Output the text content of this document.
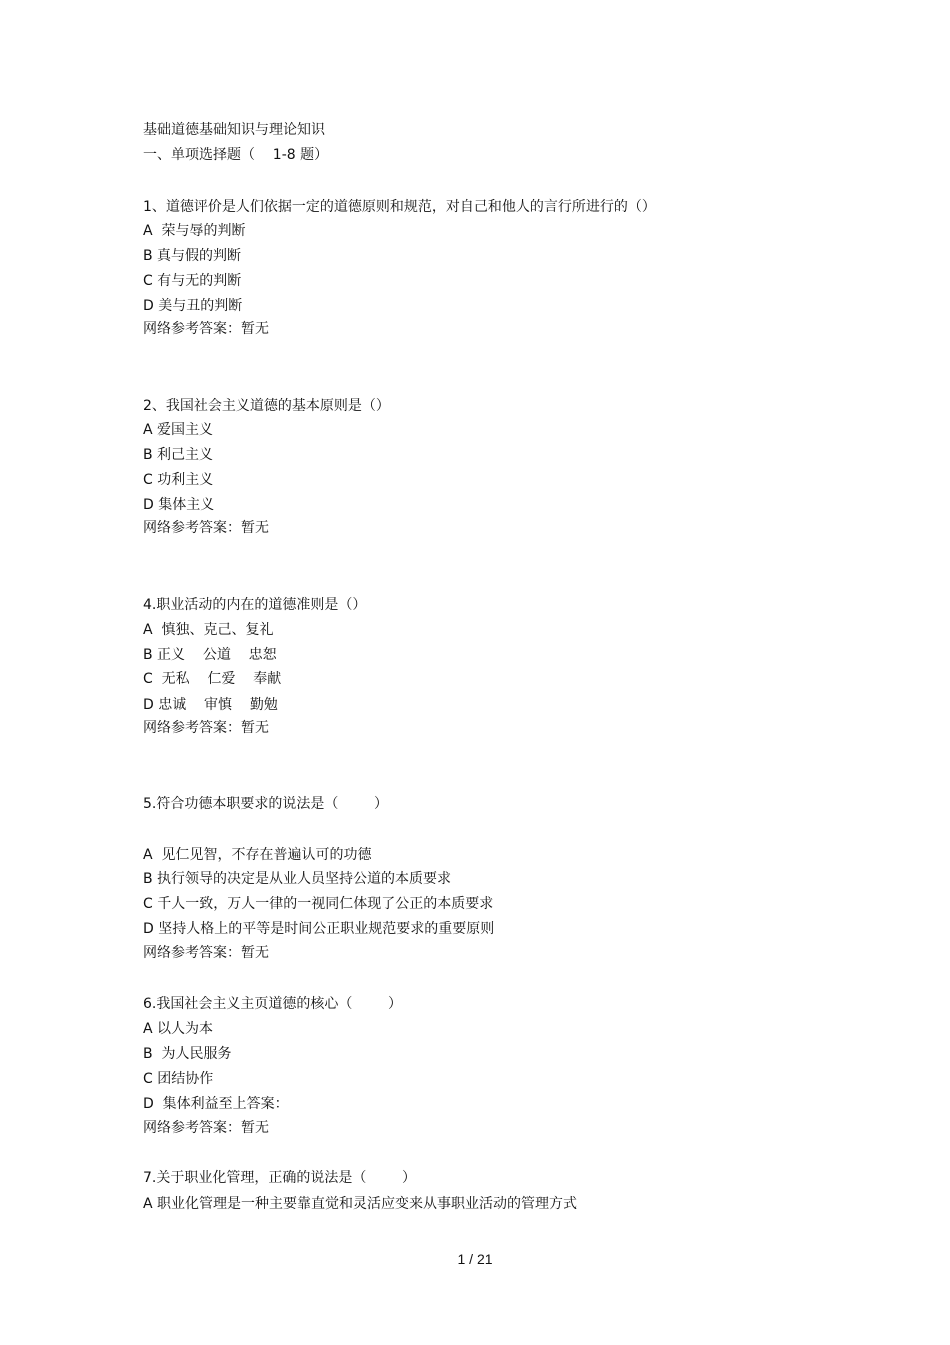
基础道德基础知识与理论知识
一、单项选择题（    1-8 题）
1、道德评价是人们依据一定的道德原则和规范，对自己和他人的言行所进行的（）
A  荣与辱的判断
B 真与假的判断
C 有与无的判断
D 美与丑的判断
网络参考答案：暂无
2、我国社会主义道德的基本原则是（）
A 爱国主义
B 利己主义
C 功利主义
D 集体主义
网络参考答案：暂无
4.职业活动的内在的道德准则是（）
A  慎独、克己、复礼
B 正义    公道    忠恕
C  无私    仁爱    奉献
D 忠诚    审慎    勤勉
网络参考答案：暂无
5.符合功德本职要求的说法是（        ）
A  见仁见智，不存在普遍认可的功德
B 执行领导的决定是从业人员坚持公道的本质要求
C 千人一致，万人一律的一视同仁体现了公正的本质要求
D 坚持人格上的平等是时间公正职业规范要求的重要原则
网络参考答案：暂无
6.我国社会主义主页道德的核心（        ）
A 以人为本
B  为人民服务
C 团结协作
D  集体利益至上答案：
网络参考答案：暂无
7.关于职业化管理，正确的说法是（        ）
A 职业化管理是一种主要靠直觉和灵活应变来从事职业活动的管理方式
1 / 21
